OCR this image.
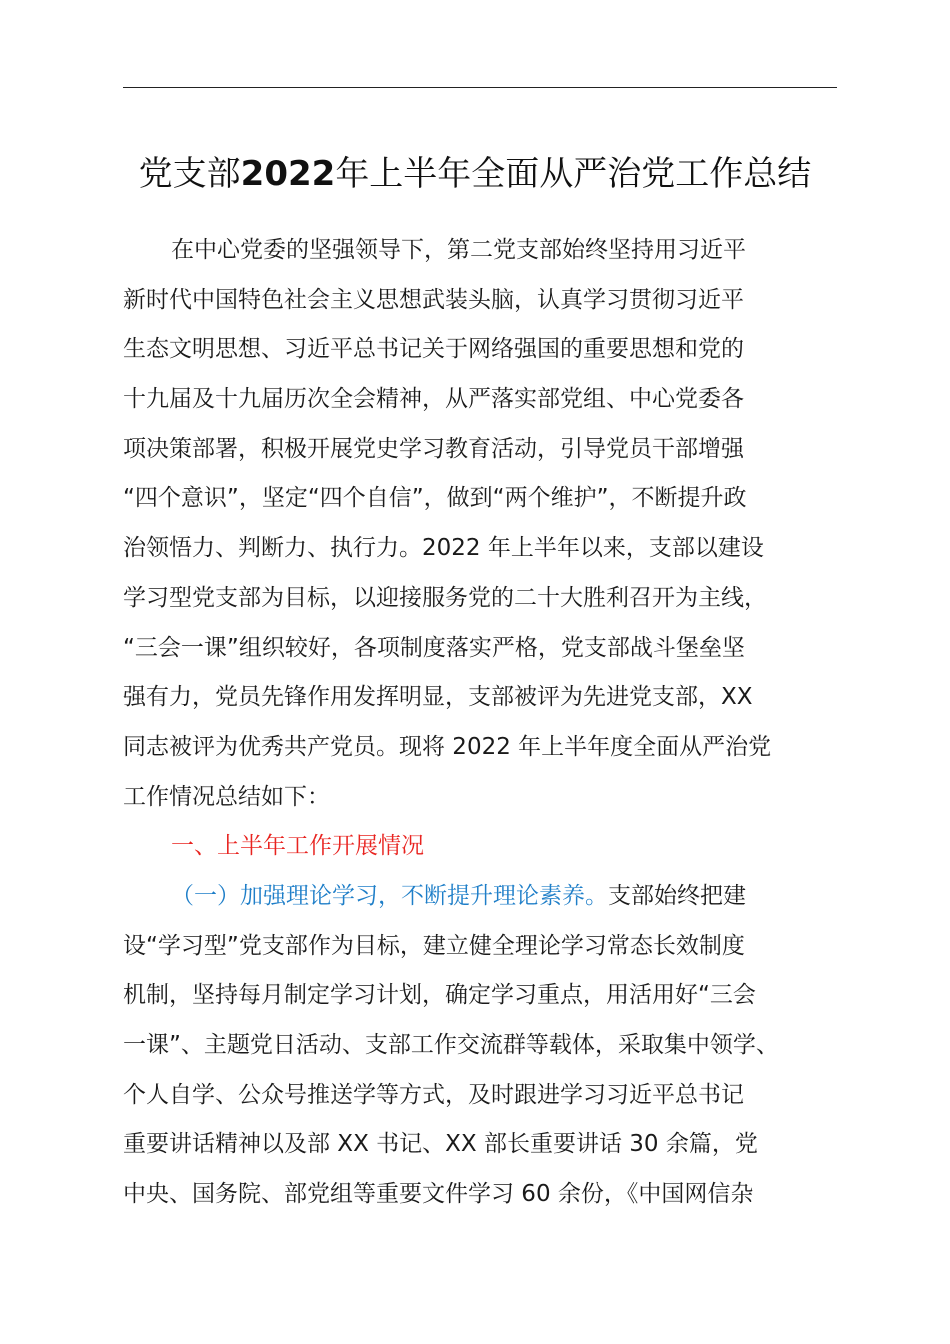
党支部2022年上半年全面从严治党工作总结
在中心党委的坚强领导下，第二党支部始终坚持用习近平
新时代中国特色社会主义思想武装头脑，认真学习贯彻习近平
生态文明思想、习近平总书记关于网络强国的重要思想和党的
十九届及十九届历次全会精神，从严落实部党组、中心党委各
项决策部署，积极开展党史学习教育活动，引导党员干部增强
“四个意识”，坚定“四个自信”，做到“两个维护”，不断提升政
治领悟力、判断力、执行力。2022 年上半年以来，支部以建设
学习型党支部为目标，以迎接服务党的二十大胜利召开为主线，
“三会一课”组织较好，各项制度落实严格，党支部战斗堡垒坚
强有力，党员先锋作用发挥明显，支部被评为先进党支部，XX
同志被评为优秀共产党员。现将 2022 年上半年度全面从严治党
工作情况总结如下：
一、上半年工作开展情况
（一）加强理论学习，不断提升理论素养。支部始终把建
设“学习型”党支部作为目标，建立健全理论学习常态长效制度
机制，坚持每月制定学习计划，确定学习重点，用活用好“三会
一课”、主题党日活动、支部工作交流群等载体，采取集中领学、
个人自学、公众号推送学等方式，及时跟进学习习近平总书记
重要讲话精神以及部 XX 书记、XX 部长重要讲话 30 余篇，党
中央、国务院、部党组等重要文件学习 60 余份，《中国网信杂
